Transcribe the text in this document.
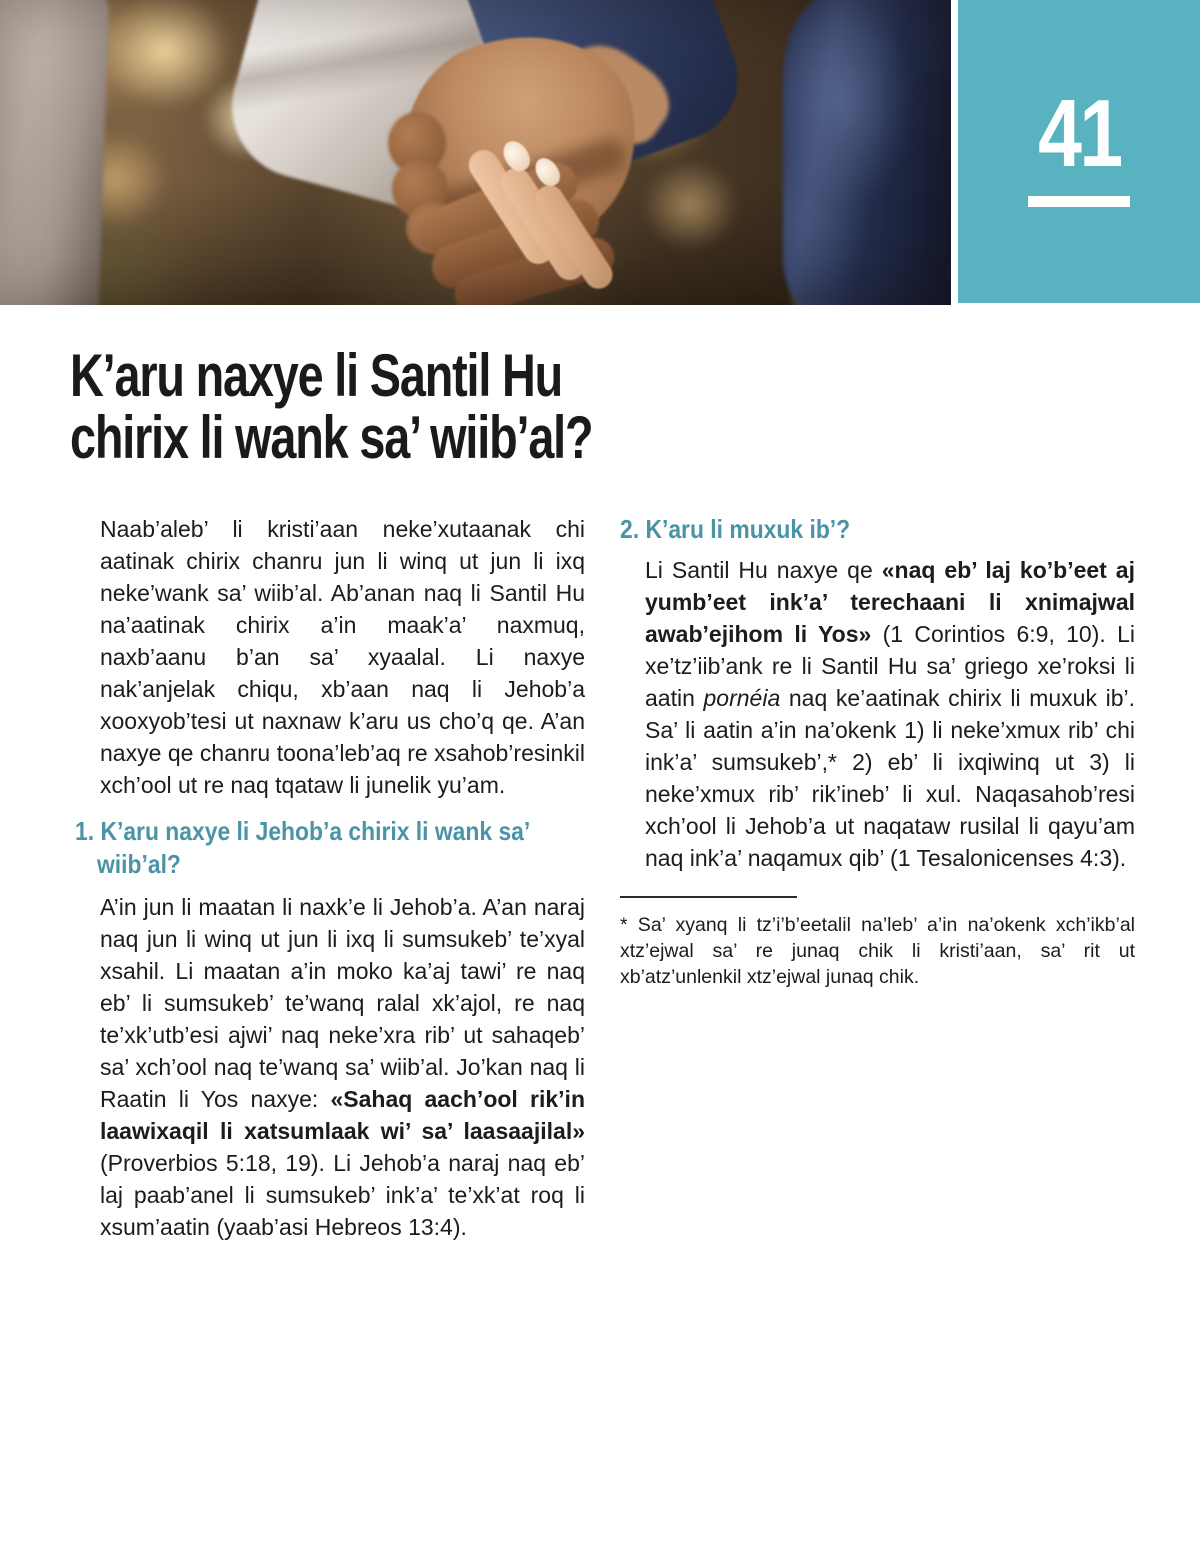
41
K’aru naxye li Santil Hu
chirix li wank sa’ wiib’al?

Naab’aleb’ li kristi’aan neke’xutaanak chi aatinak chirix chanru jun li winq ut jun li ixq neke’wank sa’ wiib’al. Ab’anan naq li Santil Hu na’aatinak chirix a’in maak’a’ naxmuq, naxb’aanu b’an sa’ xyaalal. Li naxye nak’anjelak chiqu, xb’aan naq li Jehob’a xooxyob’tesi ut naxnaw k’aru us cho’q qe. A’an naxye qe chanru toona’leb’aq re xsahob’resinkil xch’ool ut re naq tqataw li junelik yu’am.

1. K’aru naxye li Jehob’a chirix li wank sa’ wiib’al?

A’in jun li maatan li naxk’e li Jehob’a. A’an naraj naq jun li winq ut jun li ixq li sumsukeb’ te’xyal xsahil. Li maatan a’in moko ka’aj tawi’ re naq eb’ li sumsukeb’ te’wanq ralal xk’ajol, re naq te’xk’utb’esi ajwi’ naq neke’xra rib’ ut sahaqeb’ sa’ xch’ool naq te’wanq sa’ wiib’al. Jo’kan naq li Raatin li Yos naxye: «Sahaq aach’ool rik’in laawixaqil li xatsumlaak wi’ sa’ laasaajilal» (Proverbios 5:18, 19). Li Jehob’a naraj naq eb’ laj paab’anel li sumsukeb’ ink’a’ te’xk’at roq li xsum’aatin (yaab’asi Hebreos 13:4).

2. K’aru li muxuk ib’?

Li Santil Hu naxye qe «naq eb’ laj ko’b’eet aj yumb’eet ink’a’ terechaani li xnimajwal awab’ejihom li Yos» (1 Corintios 6:9, 10). Li xe’tz’iib’ank re li Santil Hu sa’ griego xe’roksi li aatin pornéia naq ke’aatinak chirix li muxuk ib’. Sa’ li aatin a’in na’okenk 1) li neke’xmux rib’ chi ink’a’ sumsukeb’,* 2) eb’ li ixqiwinq ut 3) li neke’xmux rib’ rik’ineb’ li xul. Naqasahob’resi xch’ool li Jehob’a ut naqataw rusilal li qayu’am naq ink’a’ naqamux qib’ (1 Tesalonicenses 4:3).

* Sa’ xyanq li tz’i’b’eetalil na’leb’ a’in na’okenk xch’ikb’al xtz’ejwal sa’ re junaq chik li kristi’aan, sa’ rit ut xb’atz’unlenkil xtz’ejwal junaq chik.
